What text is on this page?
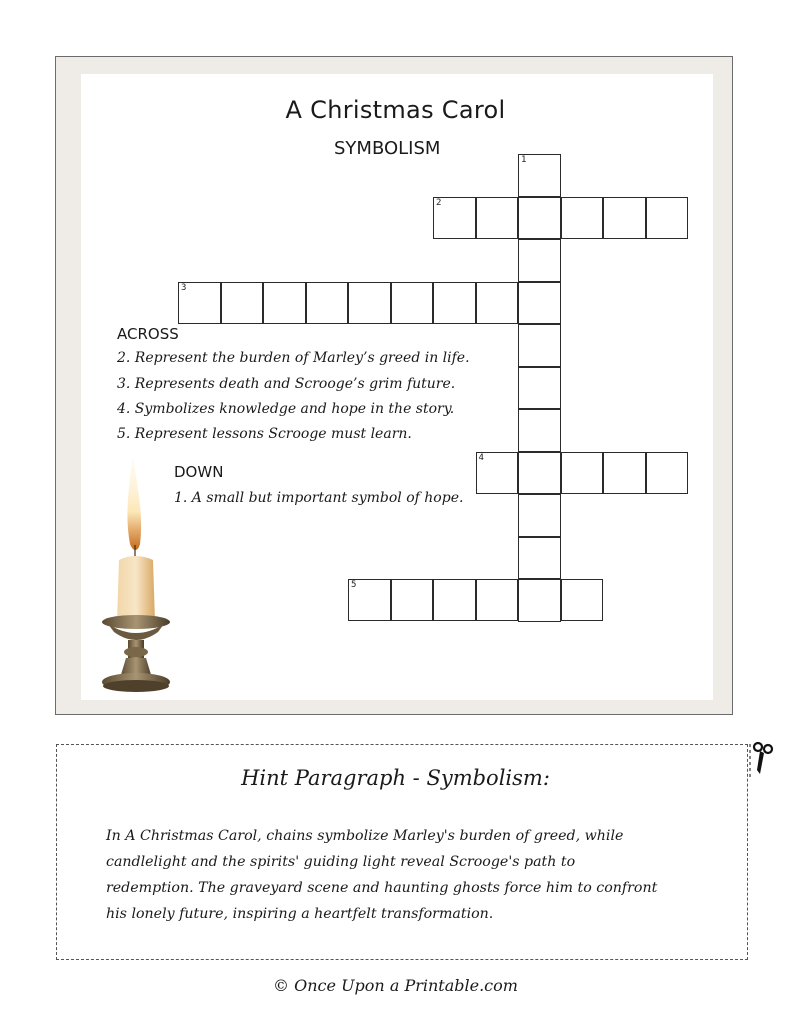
A Christmas Carol
SYMBOLISM
1
2
3
4
5
ACROSS
2. Represent the burden of Marley’s greed in life.
3. Represents death and Scrooge’s grim future.
4. Symbolizes knowledge and hope in the story.
5. Represent lessons Scrooge must learn.
DOWN
1. A small but important symbol of hope.
Hint Paragraph - Symbolism:
In A Christmas Carol, chains symbolize Marley's burden of greed, while
candlelight and the spirits' guiding light reveal Scrooge's path to
redemption. The graveyard scene and haunting ghosts force him to confront
his lonely future, inspiring a heartfelt transformation.
© Once Upon a Printable.com
